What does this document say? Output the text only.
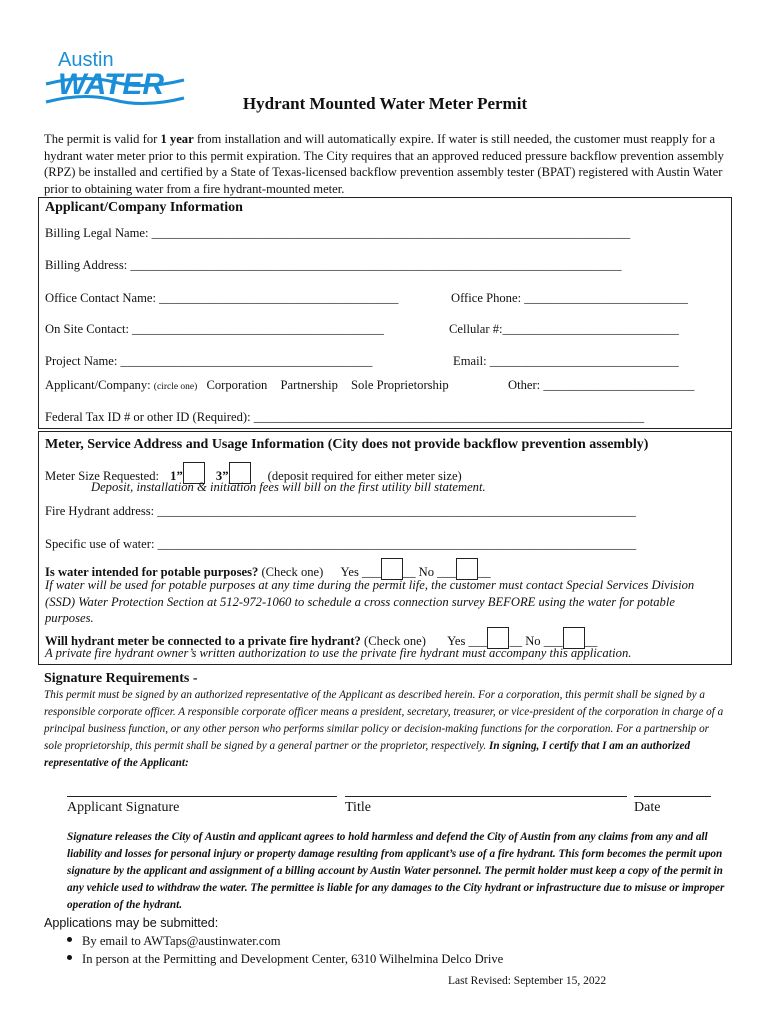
Austin
WATER
Hydrant Mounted Water Meter Permit
The permit is valid for 1 year from installation and will automatically expire. If water is still needed, the customer must reapply for a hydrant water meter prior to this permit expiration. The City requires that an approved reduced pressure backflow prevention assembly (RPZ) be installed and certified by a State of Texas-licensed backflow prevention assembly tester (BPAT) registered with Austin Water prior to obtaining water from a fire hydrant-mounted meter.
Applicant/Company Information
Billing Legal Name: ____________________________________________________________________________
Billing Address: ______________________________________________________________________________
Office Contact Name: ______________________________________	Office Phone: __________________________
On Site Contact: ________________________________________	Cellular #:____________________________
Project Name: ________________________________________	Email: ______________________________
Applicant/Company: (circle one) Corporation Partnership Sole Proprietorship	Other: ________________________
Federal Tax ID # or other ID (Required): ______________________________________________________________
Meter, Service Address and Usage Information (City does not provide backflow prevention assembly)
Meter Size Requested: 1”	3”	(deposit required for either meter size)
Deposit, installation & initiation fees will bill on the first utility bill statement.
Fire Hydrant address: ____________________________________________________________________________
Specific use of water: ____________________________________________________________________________
Is water intended for potable purposes? (Check one) Yes ___ __ No ___ __
If water will be used for potable purposes at any time during the permit life, the customer must contact Special Services Division (SSD) Water Protection Section at 512-972-1060 to schedule a cross connection survey BEFORE using the water for potable purposes.
Will hydrant meter be connected to a private fire hydrant? (Check one) Yes ___ __ No ___ __
A private fire hydrant owner’s written authorization to use the private fire hydrant must accompany this application.
Signature Requirements -
This permit must be signed by an authorized representative of the Applicant as described herein. For a corporation, this permit shall be signed by a responsible corporate officer. A responsible corporate officer means a president, secretary, treasurer, or vice-president of the corporation in charge of a principal business function, or any other person who performs similar policy or decision-making functions for the corporation. For a partnership or sole proprietorship, this permit shall be signed by a general partner or the proprietor, respectively. In signing, I certify that I am an authorized representative of the Applicant:
Applicant Signature	Title	Date
Signature releases the City of Austin and applicant agrees to hold harmless and defend the City of Austin from any claims from any and all liability and losses for personal injury or property damage resulting from applicant’s use of a fire hydrant. This form becomes the permit upon signature by the applicant and assignment of a billing account by Austin Water personnel. The permit holder must keep a copy of the permit in any vehicle used to withdraw the water. The permittee is liable for any damages to the City hydrant or infrastructure due to misuse or improper operation of the hydrant.
Applications may be submitted:
By email to AWTaps@austinwater.com
In person at the Permitting and Development Center, 6310 Wilhelmina Delco Drive
Last Revised: September 15, 2022
